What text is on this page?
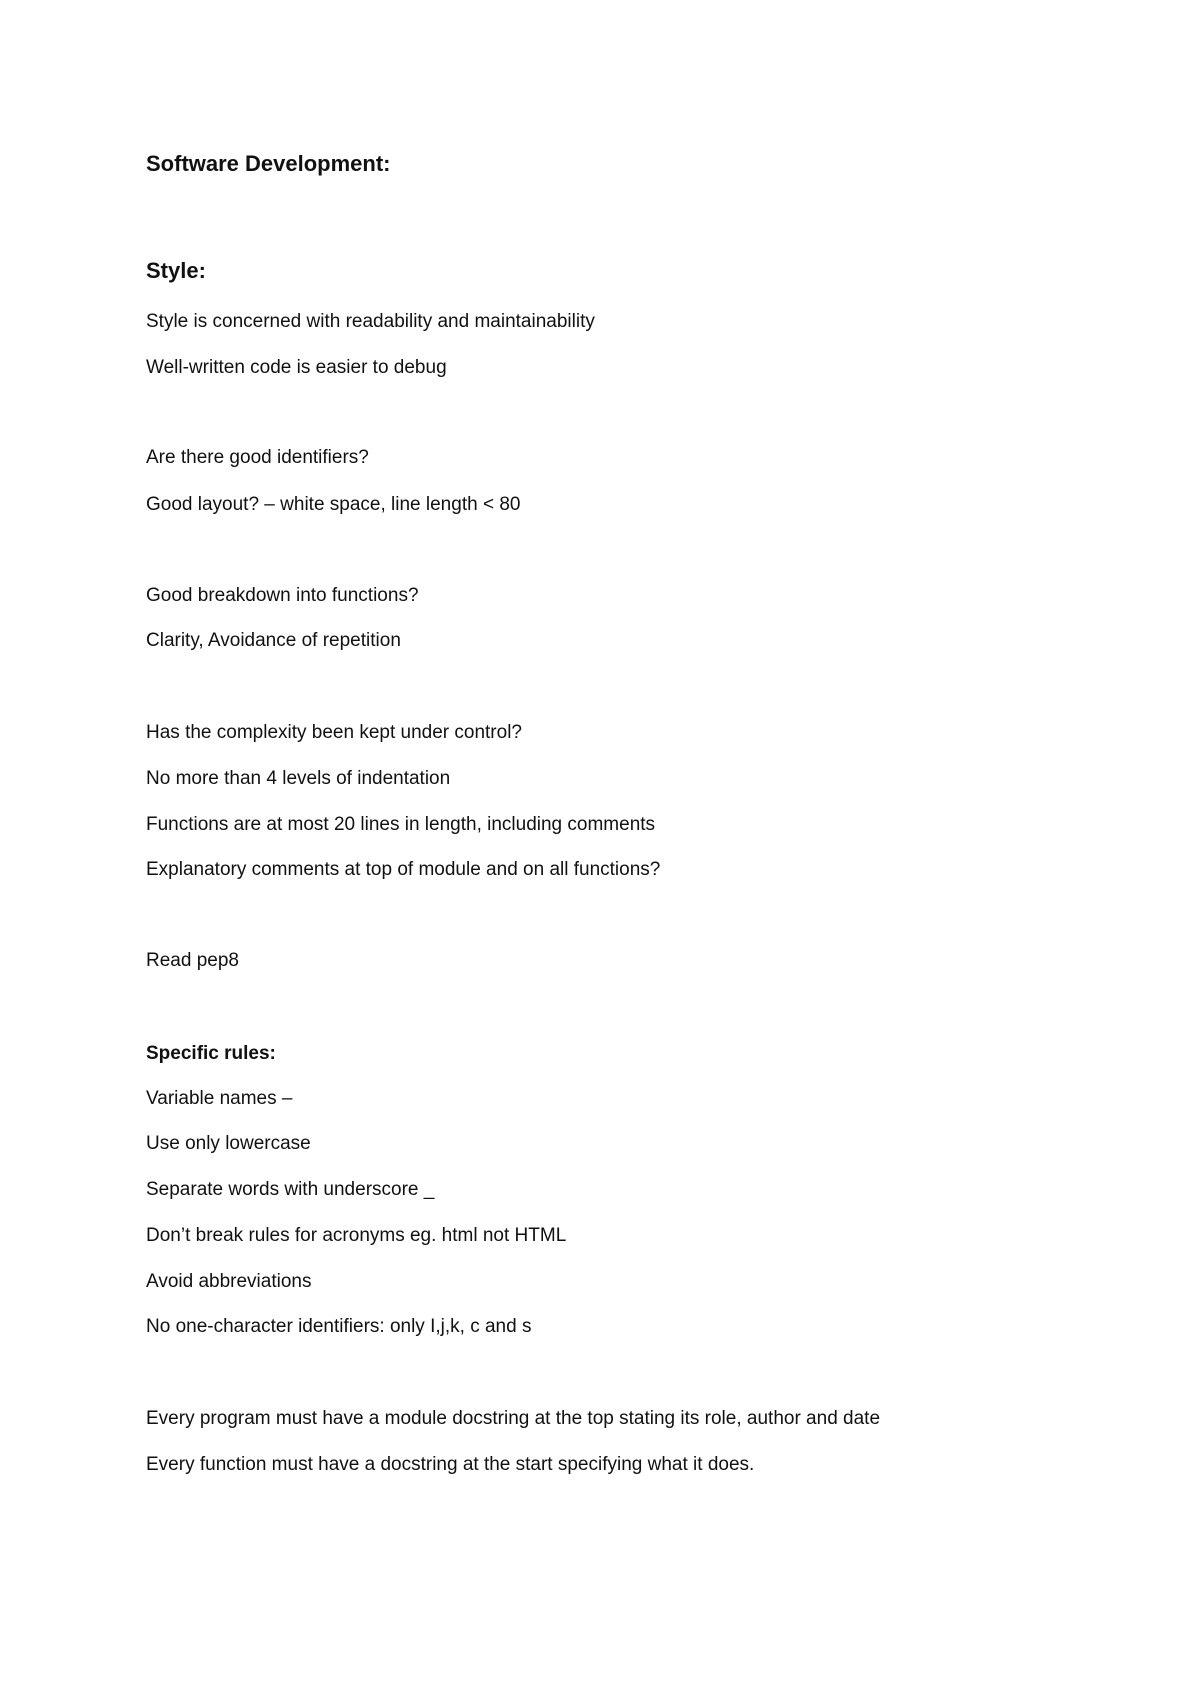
Software Development:
Style:
Style is concerned with readability and maintainability
Well-written code is easier to debug
Are there good identifiers?
Good layout? – white space, line length < 80
Good breakdown into functions?
Clarity, Avoidance of repetition
Has the complexity been kept under control?
No more than 4 levels of indentation
Functions are at most 20 lines in length, including comments
Explanatory comments at top of module and on all functions?
Read pep8
Specific rules:
Variable names –
Use only lowercase
Separate words with underscore _
Don’t break rules for acronyms eg. html not HTML
Avoid abbreviations
No one-character identifiers: only I,j,k, c and s
Every program must have a module docstring at the top stating its role, author and date
Every function must have a docstring at the start specifying what it does.
